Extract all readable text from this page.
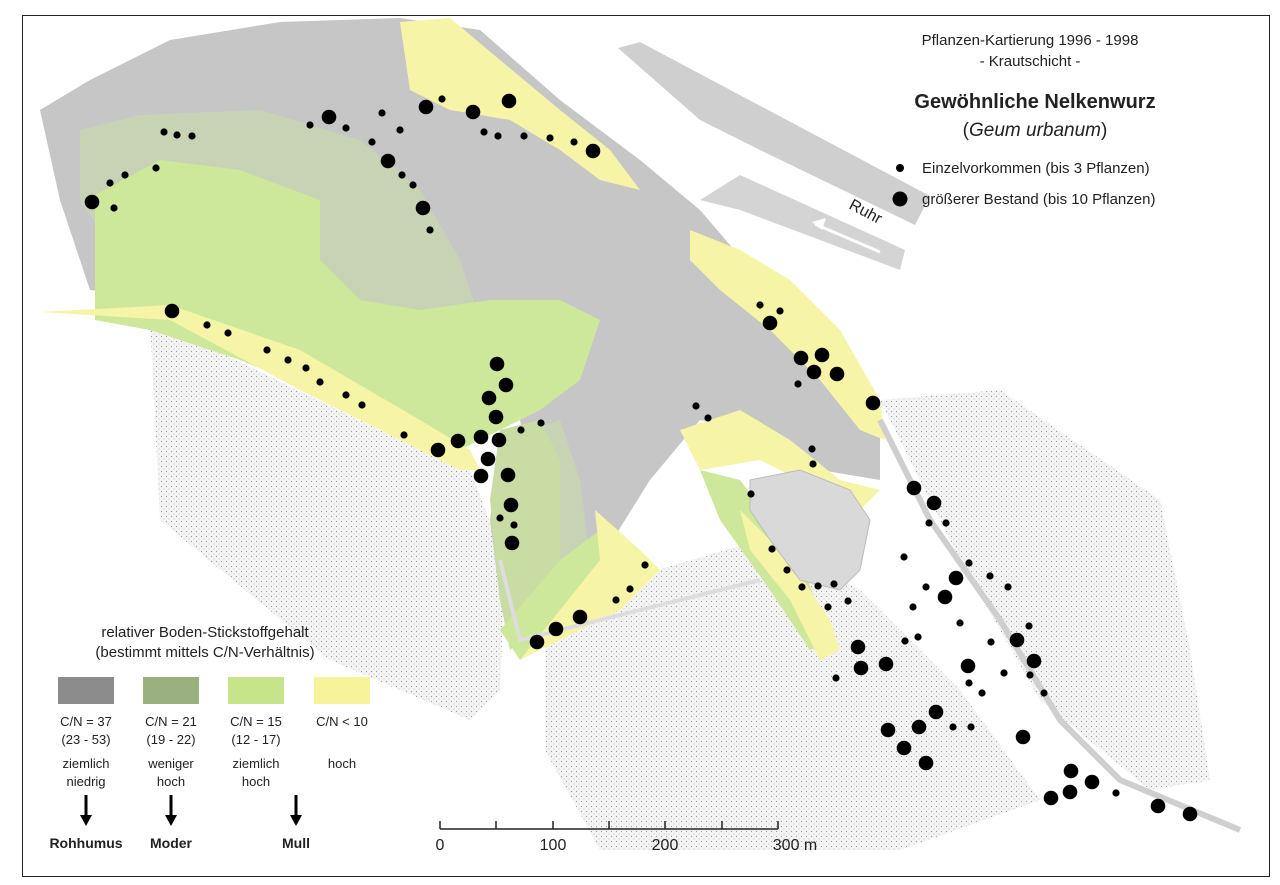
Pflanzen-Kartierung 1996 - 1998
- Krautschicht -
Gewöhnliche Nelkenwurz
(Geum urbanum)
Einzelvorkommen (bis 3 Pflanzen)
größerer Bestand (bis 10 Pflanzen)
Ruhr
relativer Boden-Stickstoffgehalt
(bestimmt mittels C/N-Verhältnis)
C/N = 37
(23 - 53)
ziemlich
niedrig
Rohhumus
C/N = 21
(19 - 22)
weniger
hoch
Moder
C/N = 15
(12 - 17)
ziemlich
hoch
Mull
C/N < 10
hoch
0	100	200	300 m
